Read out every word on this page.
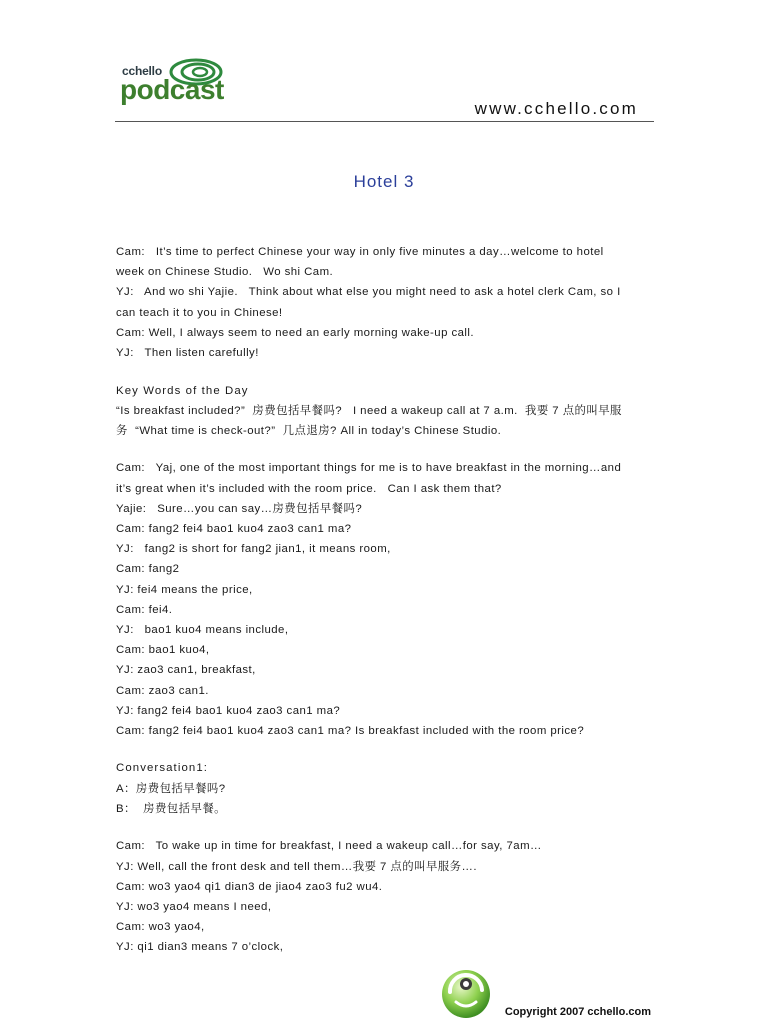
cchello
podcast
www.cchello.com
Hotel 3
Cam:   It’s time to perfect Chinese your way in only five minutes a day…welcome to hotel
week on Chinese Studio.   Wo shi Cam.
YJ:   And wo shi Yajie.   Think about what else you might need to ask a hotel clerk Cam, so I
can teach it to you in Chinese!
Cam: Well, I always seem to need an early morning wake-up call.
YJ:   Then listen carefully!
Key Words of the Day
“Is breakfast included?”  房费包括早餐吗?   I need a wakeup call at 7 a.m.  我要 7 点的叫早服
务  “What time is check-out?”  几点退房? All in today’s Chinese Studio.
Cam:   Yaj, one of the most important things for me is to have breakfast in the morning…and
it’s great when it’s included with the room price.   Can I ask them that?
Yajie:   Sure…you can say…房费包括早餐吗?
Cam: fang2 fei4 bao1 kuo4 zao3 can1 ma?
YJ:   fang2 is short for fang2 jian1, it means room,
Cam: fang2
YJ: fei4 means the price,
Cam: fei4.
YJ:   bao1 kuo4 means include,
Cam: bao1 kuo4,
YJ: zao3 can1, breakfast,
Cam: zao3 can1.
YJ: fang2 fei4 bao1 kuo4 zao3 can1 ma?
Cam: fang2 fei4 bao1 kuo4 zao3 can1 ma? Is breakfast included with the room price?
Conversation1:
A：房费包括早餐吗?
B：  房费包括早餐。
Cam:   To wake up in time for breakfast, I need a wakeup call…for say, 7am…
YJ: Well, call the front desk and tell them…我要 7 点的叫早服务….
Cam: wo3 yao4 qi1 dian3 de jiao4 zao3 fu2 wu4.
YJ: wo3 yao4 means I need,
Cam: wo3 yao4,
YJ: qi1 dian3 means 7 o’clock,
Copyright 2007 cchello.com
